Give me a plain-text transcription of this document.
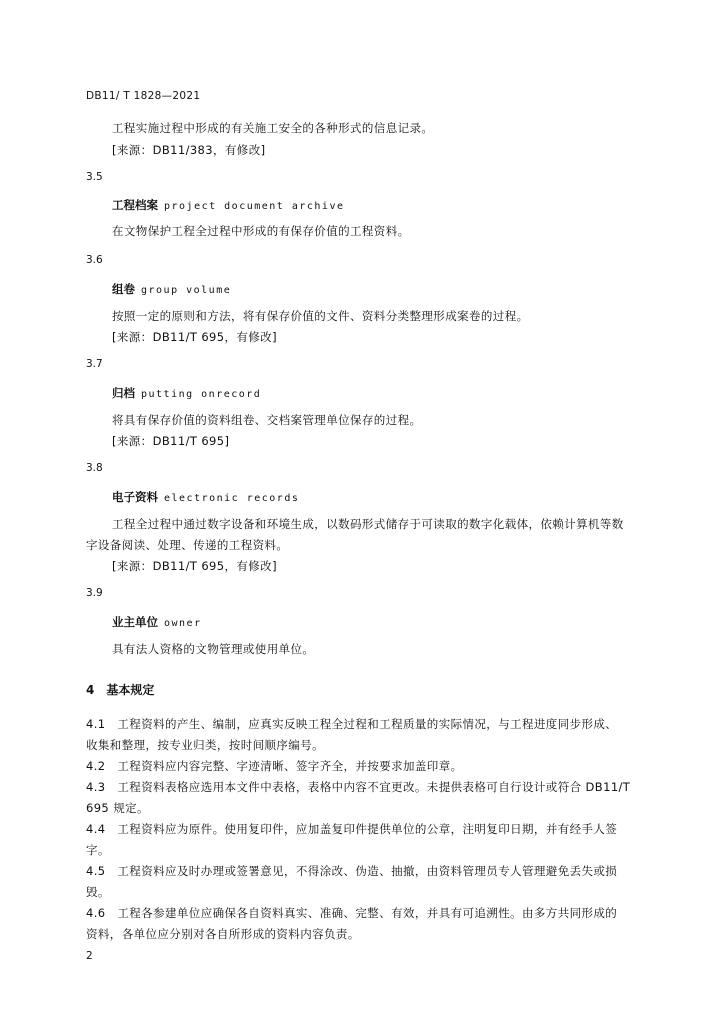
DB11/ T 1828—2021
工程实施过程中形成的有关施工安全的各种形式的信息记录。
[来源：DB11/383，有修改]
3.5
工程档案 project document archive
在文物保护工程全过程中形成的有保存价值的工程资料。
3.6
组卷 group volume
按照一定的原则和方法，将有保存价值的文件、资料分类整理形成案卷的过程。
[来源：DB11/T 695，有修改]
3.7
归档 putting onrecord
将具有保存价值的资料组卷、交档案管理单位保存的过程。
[来源：DB11/T 695]
3.8
电子资料 electronic records
工程全过程中通过数字设备和环境生成，以数码形式储存于可读取的数字化载体，依赖计算机等数
字设备阅读、处理、传递的工程资料。
[来源：DB11/T 695，有修改]
3.9
业主单位 owner
具有法人资格的文物管理或使用单位。
4　基本规定
4.1　 工程资料的产生、编制，应真实反映工程全过程和工程质量的实际情况，与工程进度同步形成、
收集和整理，按专业归类，按时间顺序编号。
4.2　 工程资料应内容完整、字迹清晰、签字齐全，并按要求加盖印章。
4.3　 工程资料表格应选用本文件中表格，表格中内容不宜更改。未提供表格可自行设计或符合 DB11/T
695 规定。
4.4　 工程资料应为原件。使用复印件，应加盖复印件提供单位的公章，注明复印日期，并有经手人签
字。
4.5　 工程资料应及时办理或签署意见，不得涂改、伪造、抽撤，由资料管理员专人管理避免丢失或损
毁。
4.6　 工程各参建单位应确保各自资料真实、准确、完整、有效，并具有可追溯性。由多方共同形成的
资料，各单位应分别对各自所形成的资料内容负责。
2
